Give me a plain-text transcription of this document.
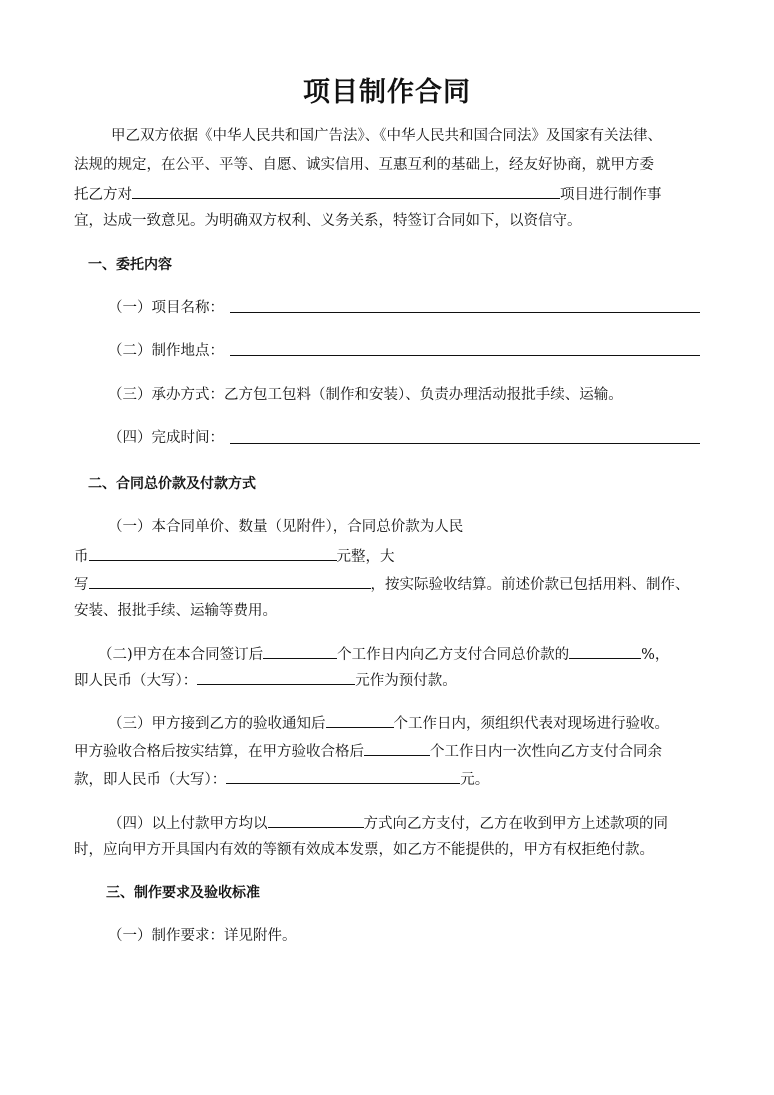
项目制作合同
甲乙双方依据《中华人民共和国广告法》、《中华人民共和国合同法》及国家有关法律、
法规的规定，在公平、平等、自愿、诚实信用、互惠互利的基础上，经友好协商，就甲方委
托乙方对	项目进行制作事
宜，达成一致意见。为明确双方权利、义务关系，特签订合同如下，以资信守。
一、委托内容
（一）项目名称：
（二）制作地点：
（三）承办方式：乙方包工包料（制作和安装）、负责办理活动报批手续、运输。
（四）完成时间：
二、合同总价款及付款方式
（一）本合同单价、数量（见附件），合同总价款为人民
币	元整，大
写	，按实际验收结算。前述价款已包括用料、制作、
安装、报批手续、运输等费用。
（二)甲方在本合同签订后	个工作日内向乙方支付合同总价款的	%，
即人民币（大写）：	元作为预付款。
（三）甲方接到乙方的验收通知后	个工作日内，须组织代表对现场进行验收。
甲方验收合格后按实结算，在甲方验收合格后	个工作日内一次性向乙方支付合同余
款，即人民币（大写）：	元。
（四）以上付款甲方均以	方式向乙方支付，乙方在收到甲方上述款项的同
时，应向甲方开具国内有效的等额有效成本发票，如乙方不能提供的，甲方有权拒绝付款。
三、制作要求及验收标准
（一）制作要求：详见附件。
